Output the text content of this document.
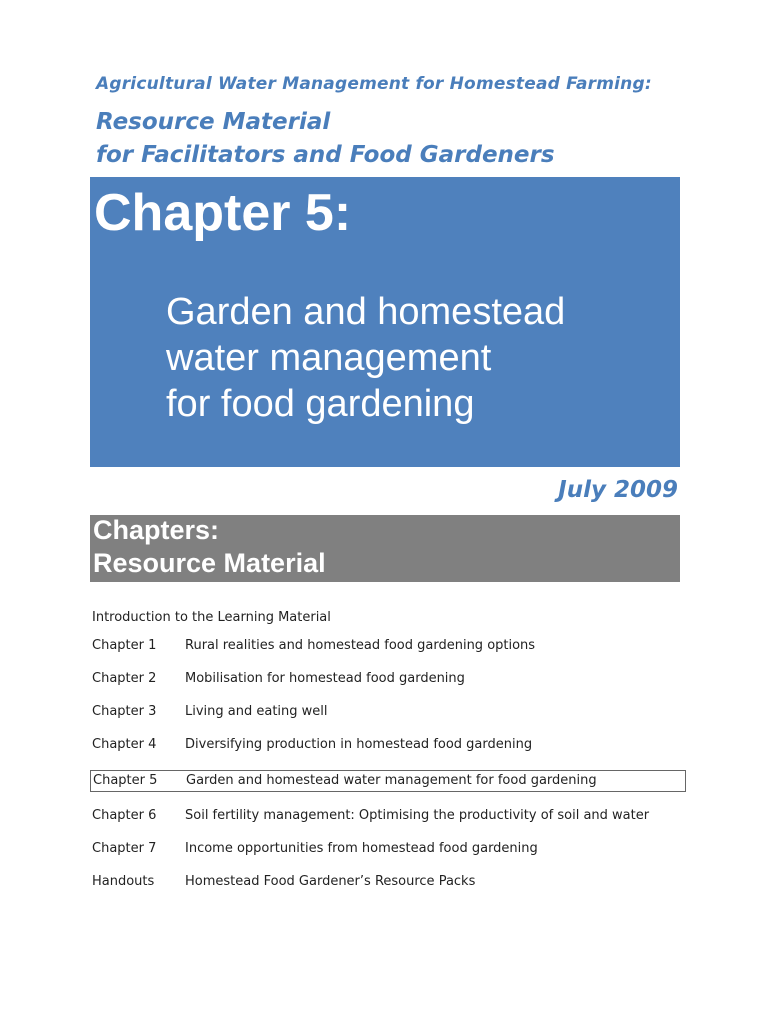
Agricultural Water Management for Homestead Farming:
Resource Material
for Facilitators and Food Gardeners
Chapter 5:
Garden and homestead
water management
for food gardening
July 2009
Chapters:
Resource Material
Introduction to the Learning Material
Chapter 1 Rural realities and homestead food gardening options
Chapter 2 Mobilisation for homestead food gardening
Chapter 3 Living and eating well
Chapter 4 Diversifying production in homestead food gardening
Chapter 5 Garden and homestead water management for food gardening
Chapter 6 Soil fertility management: Optimising the productivity of soil and water
Chapter 7 Income opportunities from homestead food gardening
Handouts Homestead Food Gardener’s Resource Packs
